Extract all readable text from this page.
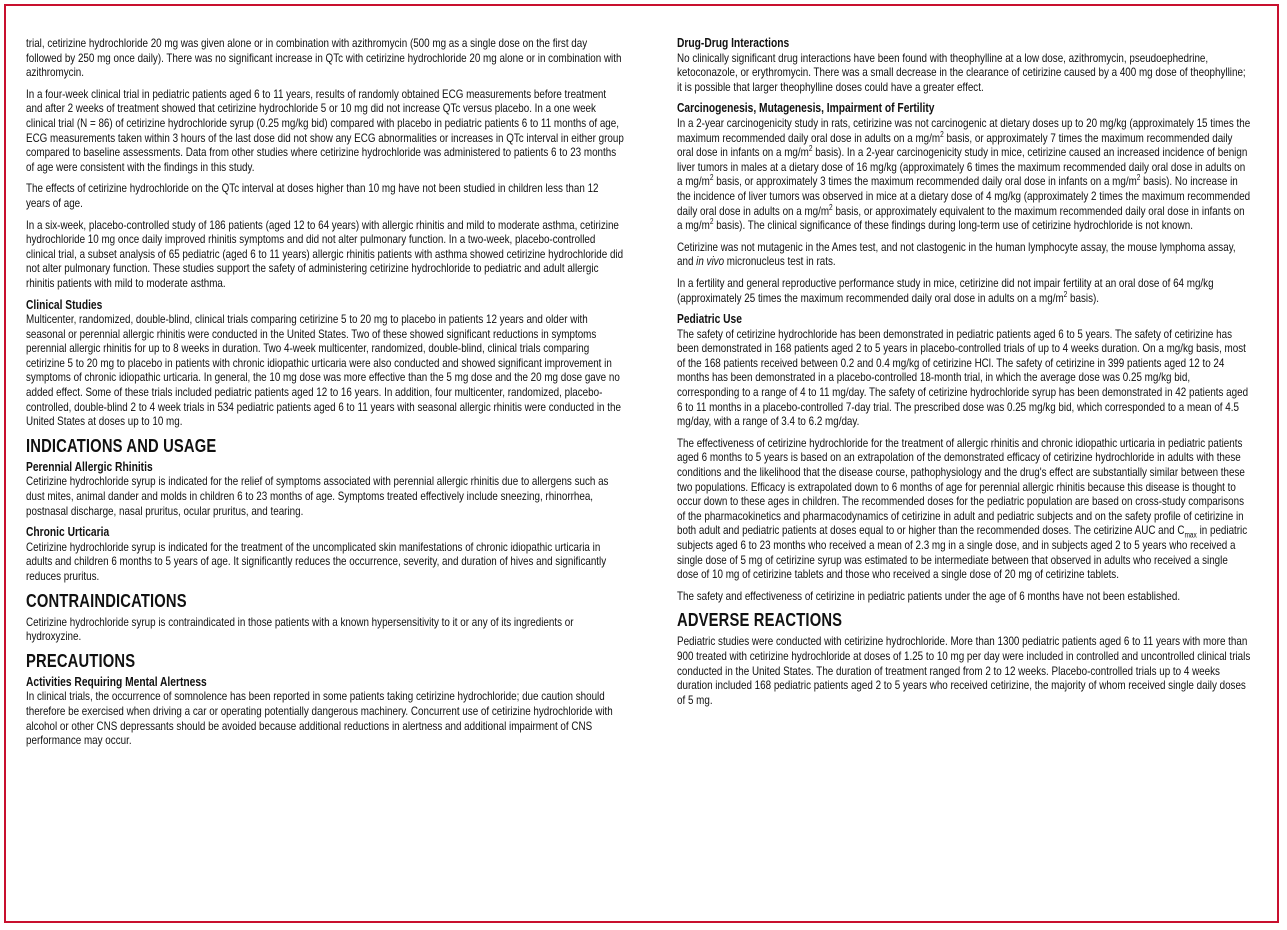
trial, cetirizine hydrochloride 20 mg was given alone or in combination with azithromycin (500 mg as a single dose on the first day followed by 250 mg once daily). There was no significant increase in QTc with cetirizine hydrochloride 20 mg alone or in combination with azithromycin.

In a four-week clinical trial in pediatric patients aged 6 to 11 years, results of randomly obtained ECG measurements before treatment and after 2 weeks of treatment showed that cetirizine hydrochloride 5 or 10 mg did not increase QTc versus placebo. In a one week clinical trial (N = 86) of cetirizine hydrochloride syrup (0.25 mg/kg bid) compared with placebo in pediatric patients 6 to 11 months of age, ECG measurements taken within 3 hours of the last dose did not show any ECG abnormalities or increases in QTc interval in either group compared to baseline assessments. Data from other studies where cetirizine hydrochloride was administered to patients 6 to 23 months of age were consistent with the findings in this study.

The effects of cetirizine hydrochloride on the QTc interval at doses higher than 10 mg have not been studied in children less than 12 years of age.

In a six-week, placebo-controlled study of 186 patients (aged 12 to 64 years) with allergic rhinitis and mild to moderate asthma, cetirizine hydrochloride 10 mg once daily improved rhinitis symptoms and did not alter pulmonary function. In a two-week, placebo-controlled clinical trial, a subset analysis of 65 pediatric (aged 6 to 11 years) allergic rhinitis patients with asthma showed cetirizine hydrochloride did not alter pulmonary function. These studies support the safety of administering cetirizine hydrochloride to pediatric and adult allergic rhinitis patients with mild to moderate asthma.

Clinical Studies

Multicenter, randomized, double-blind, clinical trials comparing cetirizine 5 to 20 mg to placebo in patients 12 years and older with seasonal or perennial allergic rhinitis were conducted in the United States. Two of these showed significant reductions in symptoms perennial allergic rhinitis for up to 8 weeks in duration. Two 4-week multicenter, randomized, double-blind, clinical trials comparing cetirizine 5 to 20 mg to placebo in patients with chronic idiopathic urticaria were also conducted and showed significant improvement in symptoms of chronic idiopathic urticaria. In general, the 10 mg dose was more effective than the 5 mg dose and the 20 mg dose gave no added effect. Some of these trials included pediatric patients aged 12 to 16 years. In addition, four multicenter, randomized, placebo-controlled, double-blind 2 to 4 week trials in 534 pediatric patients aged 6 to 11 years with seasonal allergic rhinitis were conducted in the United States at doses up to 10 mg.

INDICATIONS AND USAGE
Perennial Allergic Rhinitis

Cetirizine hydrochloride syrup is indicated for the relief of symptoms associated with perennial allergic rhinitis due to allergens such as dust mites, animal dander and molds in children 6 to 23 months of age. Symptoms treated effectively include sneezing, rhinorrhea, postnasal discharge, nasal pruritus, ocular pruritus, and tearing.

Chronic Urticaria

Cetirizine hydrochloride syrup is indicated for the treatment of the uncomplicated skin manifestations of chronic idiopathic urticaria in adults and children 6 months to 5 years of age. It significantly reduces the occurrence, severity, and duration of hives and significantly reduces pruritus.

CONTRAINDICATIONS

Cetirizine hydrochloride syrup is contraindicated in those patients with a known hypersensitivity to it or any of its ingredients or hydroxyzine.

PRECAUTIONS
Activities Requiring Mental Alertness

In clinical trials, the occurrence of somnolence has been reported in some patients taking cetirizine hydrochloride; due caution should therefore be exercised when driving a car or operating potentially dangerous machinery. Concurrent use of cetirizine hydrochloride with alcohol or other CNS depressants should be avoided because additional reductions in alertness and additional impairment of CNS performance may occur.

Drug-Drug Interactions

No clinically significant drug interactions have been found with theophylline at a low dose, azithromycin, pseudoephedrine, ketoconazole, or erythromycin. There was a small decrease in the clearance of cetirizine caused by a 400 mg dose of theophylline; it is possible that larger theophylline doses could have a greater effect.

Carcinogenesis, Mutagenesis, Impairment of Fertility

In a 2-year carcinogenicity study in rats, cetirizine was not carcinogenic at dietary doses up to 20 mg/kg (approximately 15 times the maximum recommended daily oral dose in adults on a $mg/m^2$ basis, or approximately 7 times the maximum recommended daily oral dose in infants on a $mg/m^2$ basis). In a 2-year carcinogenicity study in mice, cetirizine caused an increased incidence of benign liver tumors in males at a dietary dose of 16 mg/kg (approximately 6 times the maximum recommended daily oral dose in adults on a $mg/m^2$ basis, or approximately 3 times the maximum recommended daily oral dose in infants on a $mg/m^2$ basis). No increase in the incidence of liver tumors was observed in mice at a dietary dose of 4 mg/kg (approximately 2 times the maximum recommended daily oral dose in adults on a $mg/m^2$ basis, or approximately equivalent to the maximum recommended daily oral dose in infants on a $mg/m^2$ basis). The clinical significance of these findings during long-term use of cetirizine hydrochloride is not known.

Cetirizine was not mutagenic in the Ames test, and not clastogenic in the human lymphocyte assay, the mouse lymphoma assay, and in vivo micronucleus test in rats.

In a fertility and general reproductive performance study in mice, cetirizine did not impair fertility at an oral dose of 64 mg/kg (approximately 25 times the maximum recommended daily oral dose in adults on a $mg/m^2$ basis).

Pediatric Use

The safety of cetirizine hydrochloride has been demonstrated in pediatric patients aged 6 to 5 years. The safety of cetirizine has been demonstrated in 168 patients aged 2 to 5 years in placebo-controlled trials of up to 4 weeks duration. On a mg/kg basis, most of the 168 patients received between 0.2 and 0.4 mg/kg of cetirizine HCl. The safety of cetirizine in 399 patients aged 12 to 24 months has been demonstrated in a placebo-controlled 18-month trial, in which the average dose was 0.25 mg/kg bid, corresponding to a range of 4 to 11 mg/day. The safety of cetirizine hydrochloride syrup has been demonstrated in 42 patients aged 6 to 11 months in a placebo-controlled 7-day trial. The prescribed dose was 0.25 mg/kg bid, which corresponded to a mean of 4.5 mg/day, with a range of 3.4 to 6.2 mg/day.

The effectiveness of cetirizine hydrochloride for the treatment of allergic rhinitis and chronic idiopathic urticaria in pediatric patients aged 6 months to 5 years is based on an extrapolation of the demonstrated efficacy of cetirizine hydrochloride in adults with these conditions and the likelihood that the disease course, pathophysiology and the drug's effect are substantially similar between these two populations. Efficacy is extrapolated down to 6 months of age for perennial allergic rhinitis because this disease is thought to occur down to these ages in children. The recommended doses for the pediatric population are based on cross-study comparisons of the pharmacokinetics and pharmacodynamics of cetirizine in adult and pediatric subjects and on the safety profile of cetirizine in both adult and pediatric patients at doses equal to or higher than the recommended doses. The cetirizine AUC and $C_{max}$ in pediatric subjects aged 6 to 23 months who received a mean of 2.3 mg in a single dose, and in subjects aged 2 to 5 years who received a single dose of 5 mg of cetirizine syrup was estimated to be intermediate between that observed in adults who received a single dose of 10 mg of cetirizine tablets and those who received a single dose of 20 mg of cetirizine tablets.

The safety and effectiveness of cetirizine in pediatric patients under the age of 6 months have not been established.

ADVERSE REACTIONS

Pediatric studies were conducted with cetirizine hydrochloride. More than 1300 pediatric patients aged 6 to 11 years with more than 900 treated with cetirizine hydrochloride at doses of 1.25 to 10 mg per day were included in controlled and uncontrolled clinical trials conducted in the United States. The duration of treatment ranged from 2 to 12 weeks. Placebo-controlled trials up to 4 weeks duration included 168 pediatric patients aged 2 to 5 years who received cetirizine, the majority of whom received single daily doses of 5 mg.
